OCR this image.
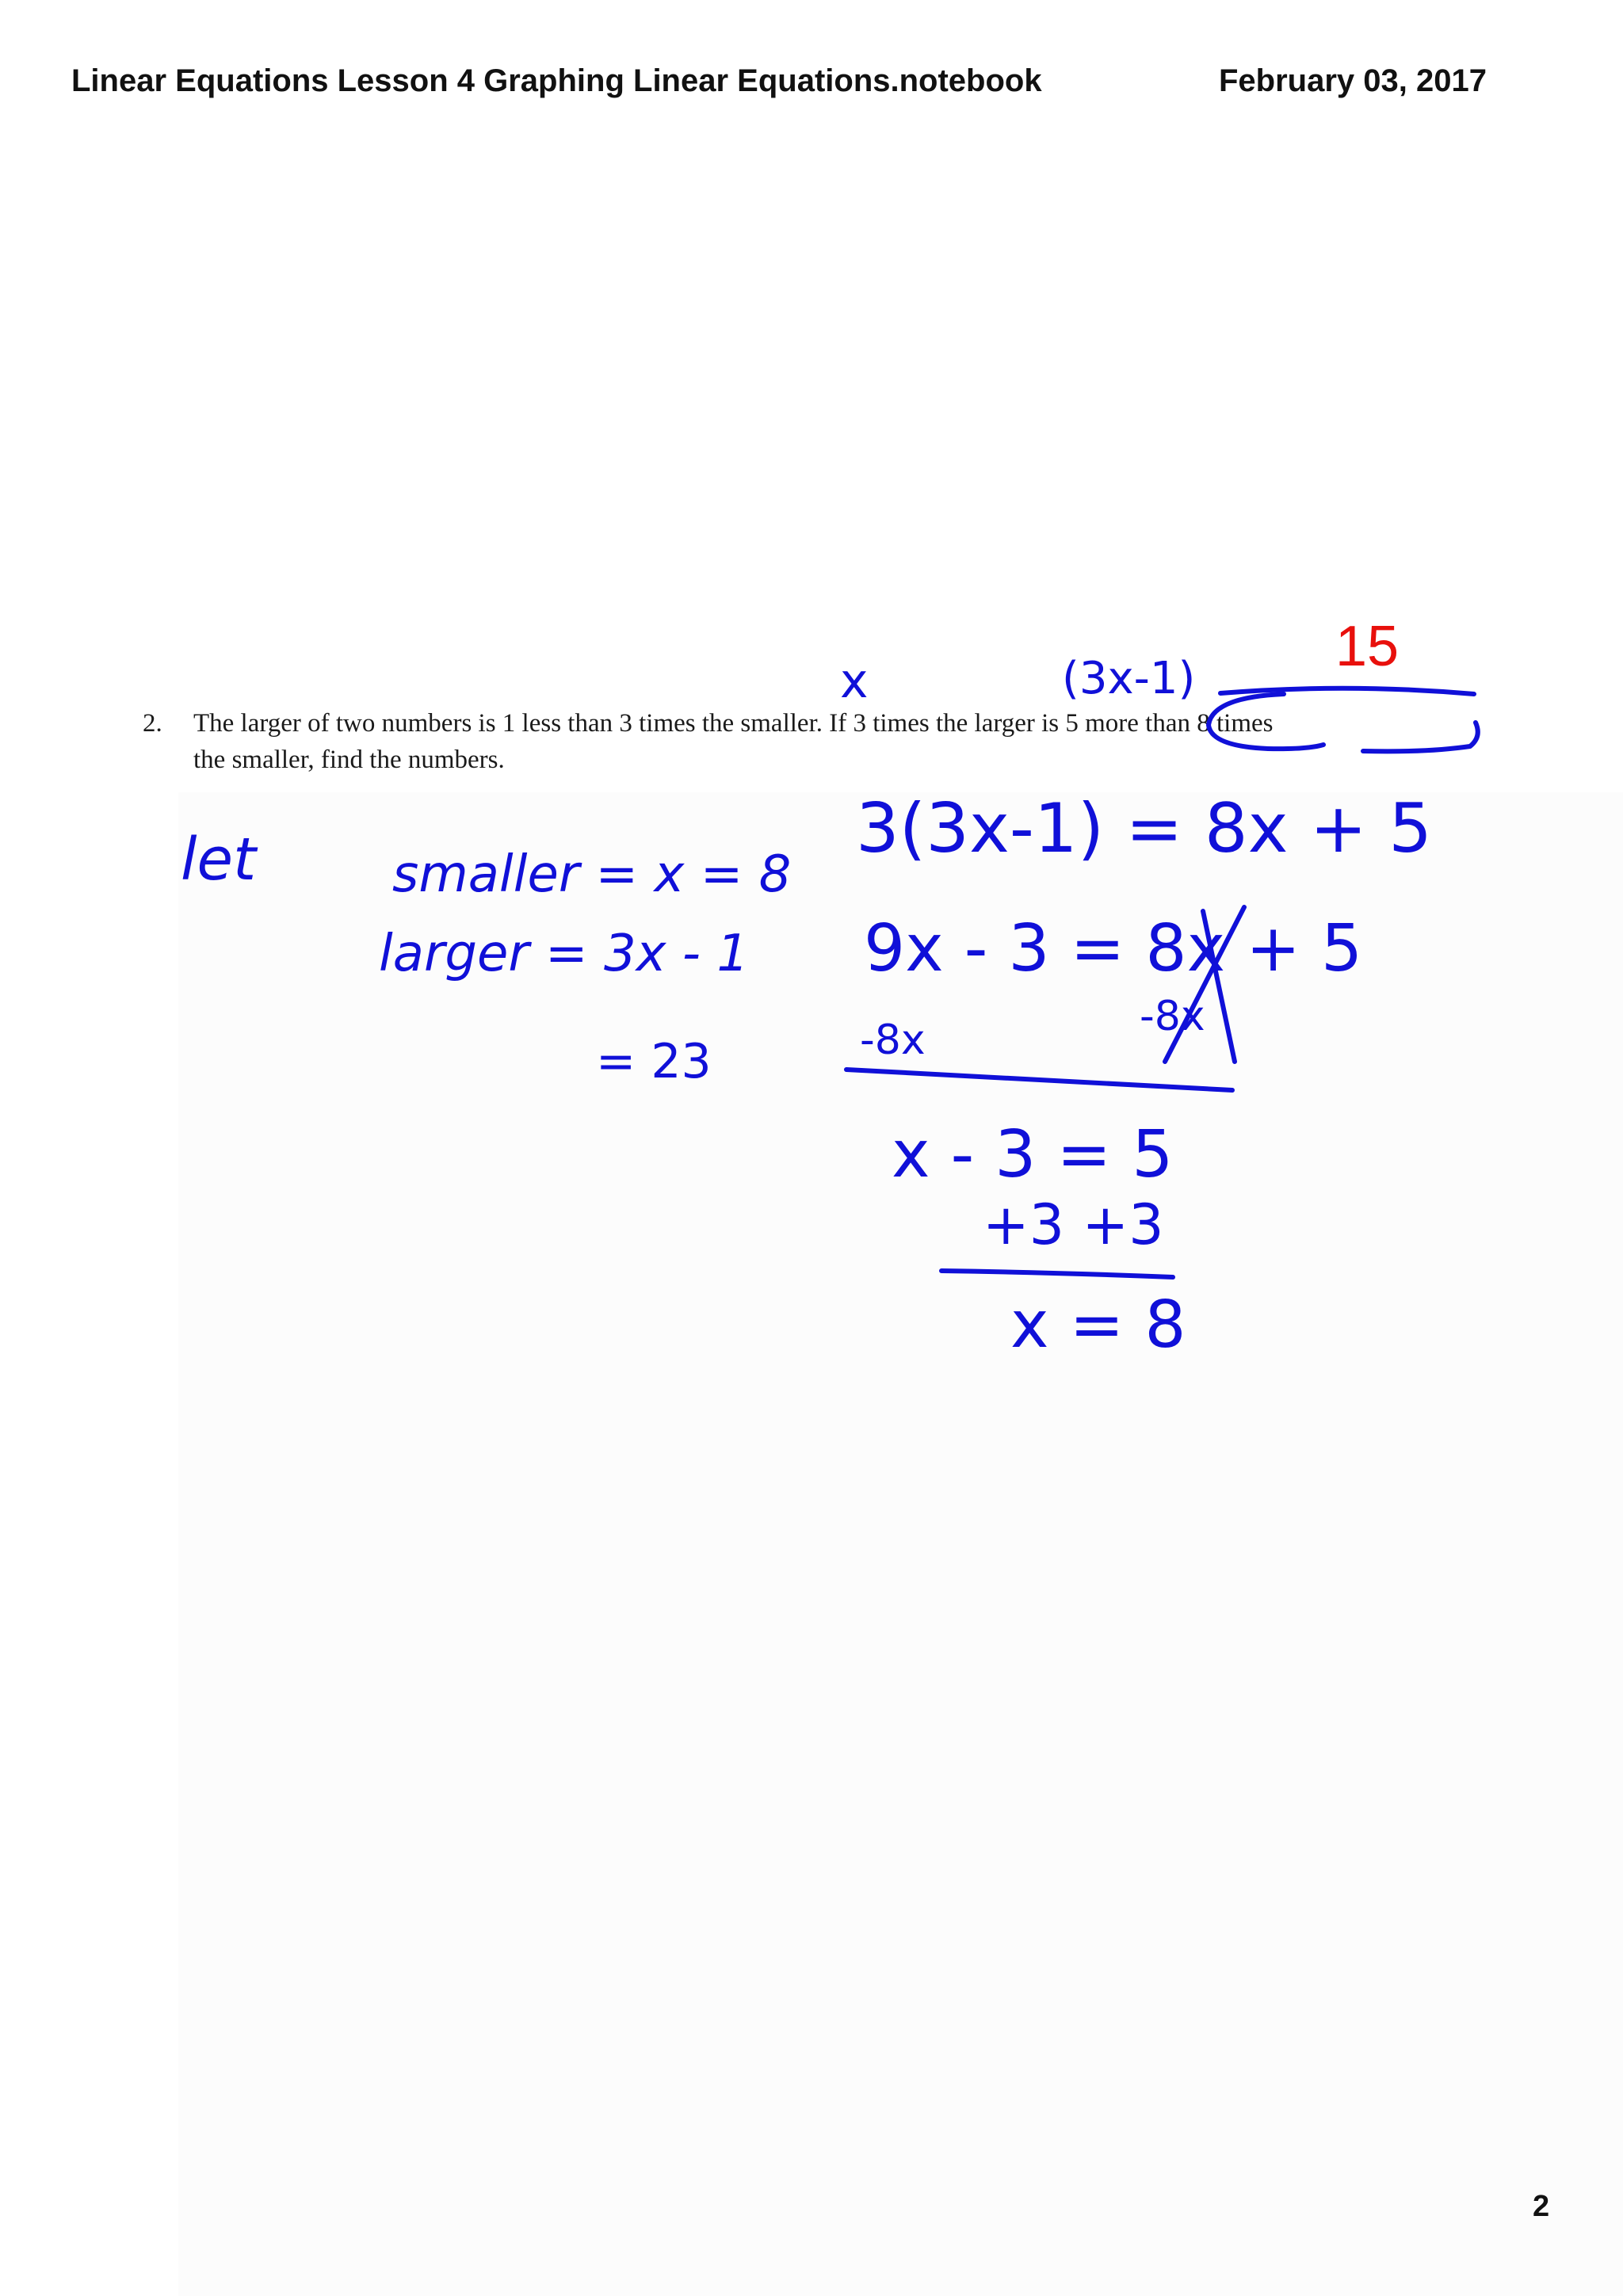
Linear Equations Lesson 4 Graphing Linear Equations.notebook	February 03, 2017
2. The larger of two numbers is 1 less than 3 times the smaller. If 3 times the larger is 5 more than 8 times
the smaller, find the numbers.
x	(3x-1)
let	smaller = x = 8
larger = 3x - 1
= 23
3(3x-1) = 8x + 5
9x - 3 = 8x + 5
-8x	-8x
x - 3 = 5
+3 +3
x = 8
15
2
